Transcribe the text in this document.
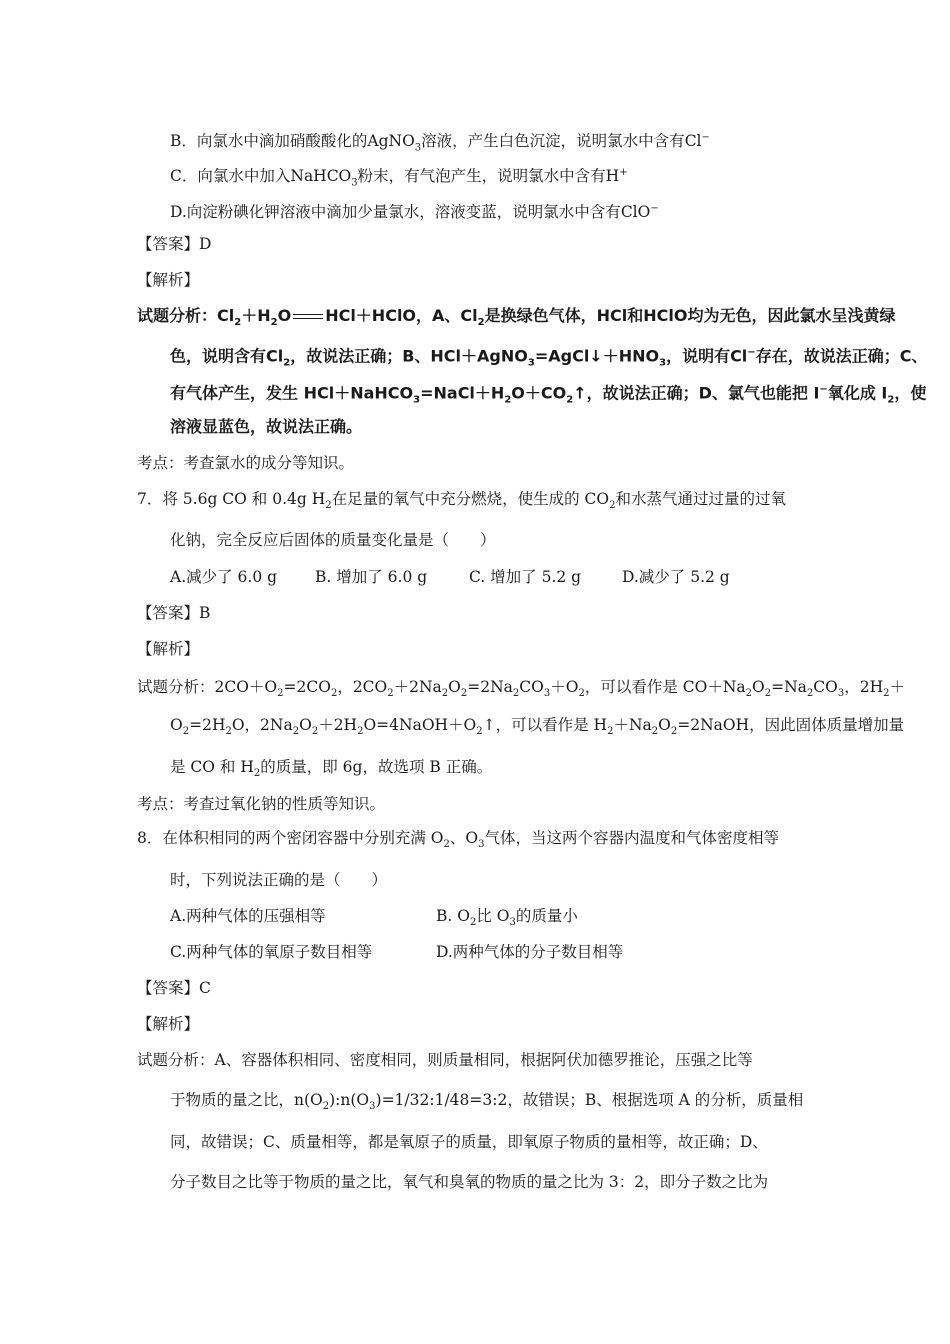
B．向氯水中滴加硝酸酸化的AgNO$_3$溶液，产生白色沉淀，说明氯水中含有Cl−
C．向氯水中加入NaHCO$_3$粉末，有气泡产生，说明氯水中含有H+
D.向淀粉碘化钾溶液中滴加少量氯水，溶液变蓝，说明氯水中含有ClO−
【答案】D
【解析】
试题分析：$Cl_2+H_2O$ HCl＋HClO，A、$Cl_2$是换绿色气体，HCl和HClO均为无色，因此氯水呈浅黄绿
色，说明含有$Cl_2$，故说法正确；B、$HCl+AgNO_3=AgCl↓+HNO_3$，说明有Cl−存在，故说法正确；C、
有气体产生，发生 $HCl+NaHCO_3=NaCl+H_2O+CO_2↑$，故说法正确；D、氯气也能把 I−氧化成 $I_2$，使
溶液显蓝色，故说法正确。
考点：考查氯水的成分等知识。
7．将 5.6g CO 和 0.4g $H_2$在足量的氧气中充分燃烧，使生成的 $CO_2$和水蒸气通过过量的过氧
化钠，完全反应后固体的质量变化量是（　　）
A.减少了 6.0 g B. 增加了 6.0 g	C. 增加了 5.2 g	D.减少了 5.2 g
【答案】B
【解析】
试题分析：$2CO+O_2=2CO_2$，$2CO_2+2Na_2O_2=2Na_2CO_3+O_2$，可以看作是 $CO+Na_2O_2=Na_2CO_3$，$2H_2+$
$O_2=2H_2O$，$2Na_2O_2+2H_2O=4NaOH+O_2↑$，可以看作是 $H_2+Na_2O_2=2NaOH$，因此固体质量增加量
是 CO 和 $H_2$的质量，即 6g，故选项 B 正确。
考点：考查过氧化钠的性质等知识。
8．在体积相同的两个密闭容器中分别充满 $O_2$、$O_3$气体，当这两个容器内温度和气体密度相等
时，下列说法正确的是（　　）
A.两种气体的压强相等	B. $O_2$比 $O_3$的质量小
C.两种气体的氧原子数目相等	D.两种气体的分子数目相等
【答案】C
【解析】
试题分析：A、容器体积相同、密度相同，则质量相同，根据阿伏加德罗推论，压强之比等
于物质的量之比，$n(O_2):n(O_3)=1/32:1/48=3:2$，故错误；B、根据选项 A 的分析，质量相
同，故错误；C、质量相等，都是氧原子的质量，即氧原子物质的量相等，故正确；D、
分子数目之比等于物质的量之比，氧气和臭氧的物质的量之比为 3：2，即分子数之比为
